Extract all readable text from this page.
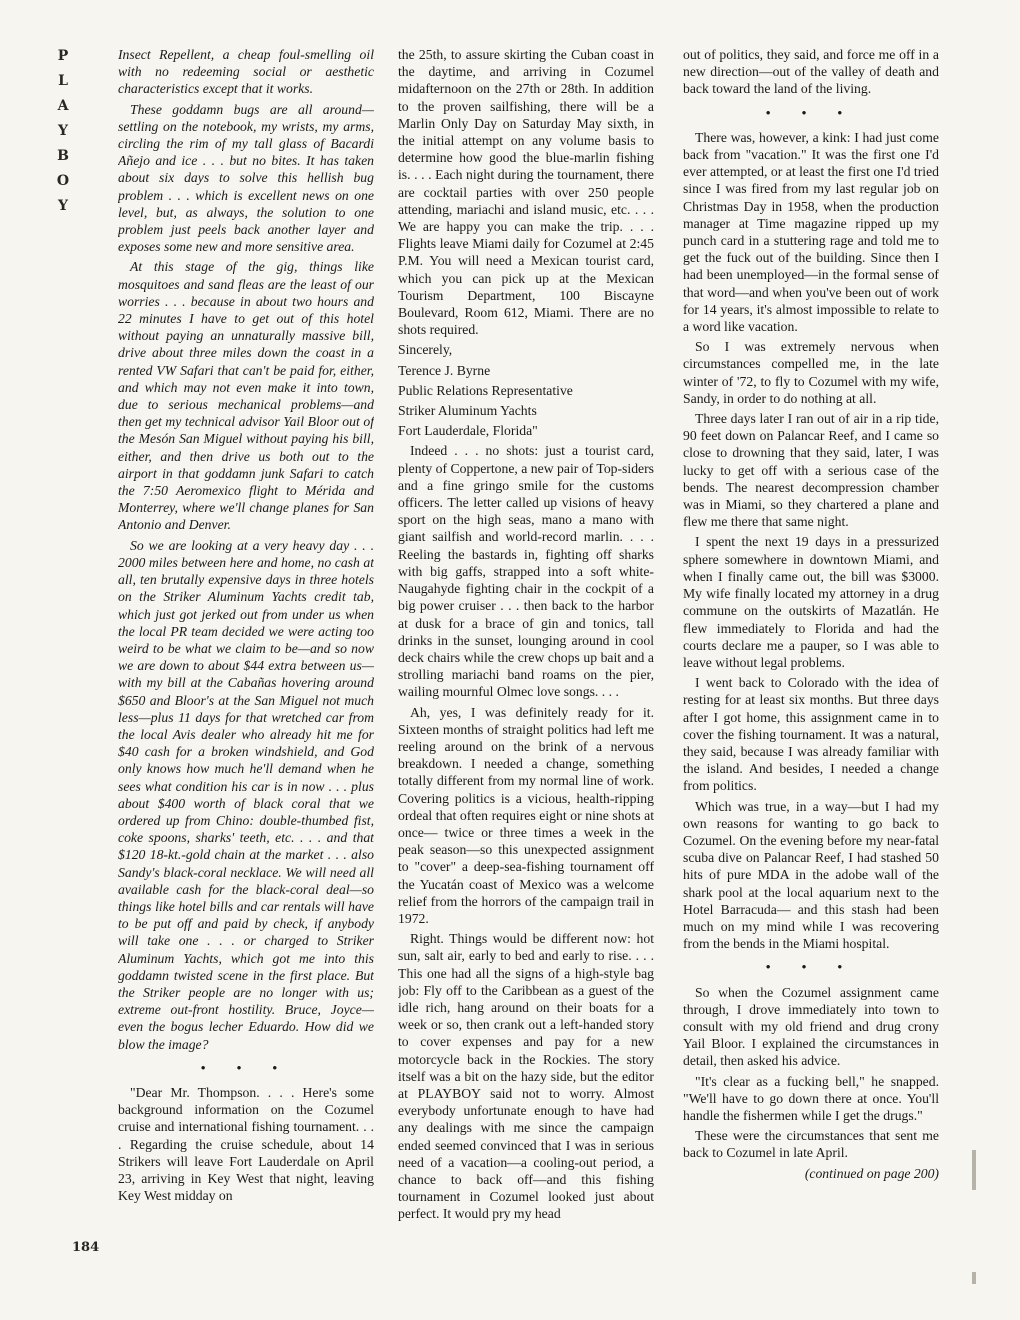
P
L
A
Y
B
O
Y

Insect Repellent, a cheap foul-smelling oil with no redeeming social or aesthetic characteristics except that it works.

These goddamn bugs are all around— settling on the notebook, my wrists, my arms, circling the rim of my tall glass of Bacardi Añejo and ice . . . but no bites. It has taken about six days to solve this hellish bug problem . . . which is excellent news on one level, but, as always, the solution to one problem just peels back another layer and exposes some new and more sensitive area.

At this stage of the gig, things like mosquitoes and sand fleas are the least of our worries . . . because in about two hours and 22 minutes I have to get out of this hotel without paying an unnaturally massive bill, drive about three miles down the coast in a rented VW Safari that can't be paid for, either, and which may not even make it into town, due to serious mechanical problems—and then get my technical advisor Yail Bloor out of the Mesón San Miguel without paying his bill, either, and then drive us both out to the airport in that goddamn junk Safari to catch the 7:50 Aeromexico flight to Mérida and Monterrey, where we'll change planes for San Antonio and Denver.

So we are looking at a very heavy day . . . 2000 miles between here and home, no cash at all, ten brutally expensive days in three hotels on the Striker Aluminum Yachts credit tab, which just got jerked out from under us when the local PR team decided we were acting too weird to be what we claim to be—and so now we are down to about $44 extra between us—with my bill at the Cabañas hovering around $650 and Bloor's at the San Miguel not much less—plus 11 days for that wretched car from the local Avis dealer who already hit me for $40 cash for a broken windshield, and God only knows how much he'll demand when he sees what condition his car is in now . . . plus about $400 worth of black coral that we ordered up from Chino: double-thumbed fist, coke spoons, sharks' teeth, etc. . . . and that $120 18-kt.-gold chain at the market . . . also Sandy's black-coral necklace. We will need all available cash for the black-coral deal—so things like hotel bills and car rentals will have to be put off and paid by check, if anybody will take one . . . or charged to Striker Aluminum Yachts, which got me into this goddamn twisted scene in the first place. But the Striker people are no longer with us; extreme out-front hostility. Bruce, Joyce— even the bogus lecher Eduardo. How did we blow the image?

• • •

"Dear Mr. Thompson. . . . Here's some background information on the Cozumel cruise and international fishing tournament. . . . Regarding the cruise schedule, about 14 Strikers will leave Fort Lauderdale on April 23, arriving in Key West that night, leaving Key West midday on

the 25th, to assure skirting the Cuban coast in the daytime, and arriving in Cozumel midafternoon on the 27th or 28th. In addition to the proven sailfishing, there will be a Marlin Only Day on Saturday May sixth, in the initial attempt on any volume basis to determine how good the blue-marlin fishing is. . . . Each night during the tournament, there are cocktail parties with over 250 people attending, mariachi and island music, etc. . . . We are happy you can make the trip. . . . Flights leave Miami daily for Cozumel at 2:45 P.M. You will need a Mexican tourist card, which you can pick up at the Mexican Tourism Department, 100 Biscayne Boulevard, Room 612, Miami. There are no shots required.

Sincerely,

Terence J. Byrne

Public Relations Representative

Striker Aluminum Yachts

Fort Lauderdale, Florida"

Indeed . . . no shots: just a tourist card, plenty of Coppertone, a new pair of Top-siders and a fine gringo smile for the customs officers. The letter called up visions of heavy sport on the high seas, mano a mano with giant sailfish and world-record marlin. . . . Reeling the bastards in, fighting off sharks with big gaffs, strapped into a soft white-Naugahyde fighting chair in the cockpit of a big power cruiser . . . then back to the harbor at dusk for a brace of gin and tonics, tall drinks in the sunset, lounging around in cool deck chairs while the crew chops up bait and a strolling mariachi band roams on the pier, wailing mournful Olmec love songs. . . .

Ah, yes, I was definitely ready for it. Sixteen months of straight politics had left me reeling around on the brink of a nervous breakdown. I needed a change, something totally different from my normal line of work. Covering politics is a vicious, health-ripping ordeal that often requires eight or nine shots at once— twice or three times a week in the peak season—so this unexpected assignment to "cover" a deep-sea-fishing tournament off the Yucatán coast of Mexico was a welcome relief from the horrors of the campaign trail in 1972.

Right. Things would be different now: hot sun, salt air, early to bed and early to rise. . . . This one had all the signs of a high-style bag job: Fly off to the Caribbean as a guest of the idle rich, hang around on their boats for a week or so, then crank out a left-handed story to cover expenses and pay for a new motorcycle back in the Rockies. The story itself was a bit on the hazy side, but the editor at PLAYBOY said not to worry. Almost everybody unfortunate enough to have had any dealings with me since the campaign ended seemed convinced that I was in serious need of a vacation—a cooling-out period, a chance to back off—and this fishing tournament in Cozumel looked just about perfect. It would pry my head

out of politics, they said, and force me off in a new direction—out of the valley of death and back toward the land of the living.

• • •

There was, however, a kink: I had just come back from "vacation." It was the first one I'd ever attempted, or at least the first one I'd tried since I was fired from my last regular job on Christmas Day in 1958, when the production manager at Time magazine ripped up my punch card in a stuttering rage and told me to get the fuck out of the building. Since then I had been unemployed—in the formal sense of that word—and when you've been out of work for 14 years, it's almost impossible to relate to a word like vacation.

So I was extremely nervous when circumstances compelled me, in the late winter of '72, to fly to Cozumel with my wife, Sandy, in order to do nothing at all.

Three days later I ran out of air in a rip tide, 90 feet down on Palancar Reef, and I came so close to drowning that they said, later, I was lucky to get off with a serious case of the bends. The nearest decompression chamber was in Miami, so they chartered a plane and flew me there that same night.

I spent the next 19 days in a pressurized sphere somewhere in downtown Miami, and when I finally came out, the bill was $3000. My wife finally located my attorney in a drug commune on the outskirts of Mazatlán. He flew immediately to Florida and had the courts declare me a pauper, so I was able to leave without legal problems.

I went back to Colorado with the idea of resting for at least six months. But three days after I got home, this assignment came in to cover the fishing tournament. It was a natural, they said, because I was already familiar with the island. And besides, I needed a change from politics.

Which was true, in a way—but I had my own reasons for wanting to go back to Cozumel. On the evening before my near-fatal scuba dive on Palancar Reef, I had stashed 50 hits of pure MDA in the adobe wall of the shark pool at the local aquarium next to the Hotel Barracuda— and this stash had been much on my mind while I was recovering from the bends in the Miami hospital.

• • •

So when the Cozumel assignment came through, I drove immediately into town to consult with my old friend and drug crony Yail Bloor. I explained the circumstances in detail, then asked his advice.

"It's clear as a fucking bell," he snapped. "We'll have to go down there at once. You'll handle the fishermen while I get the drugs."

These were the circumstances that sent me back to Cozumel in late April.

(continued on page 200)

184
